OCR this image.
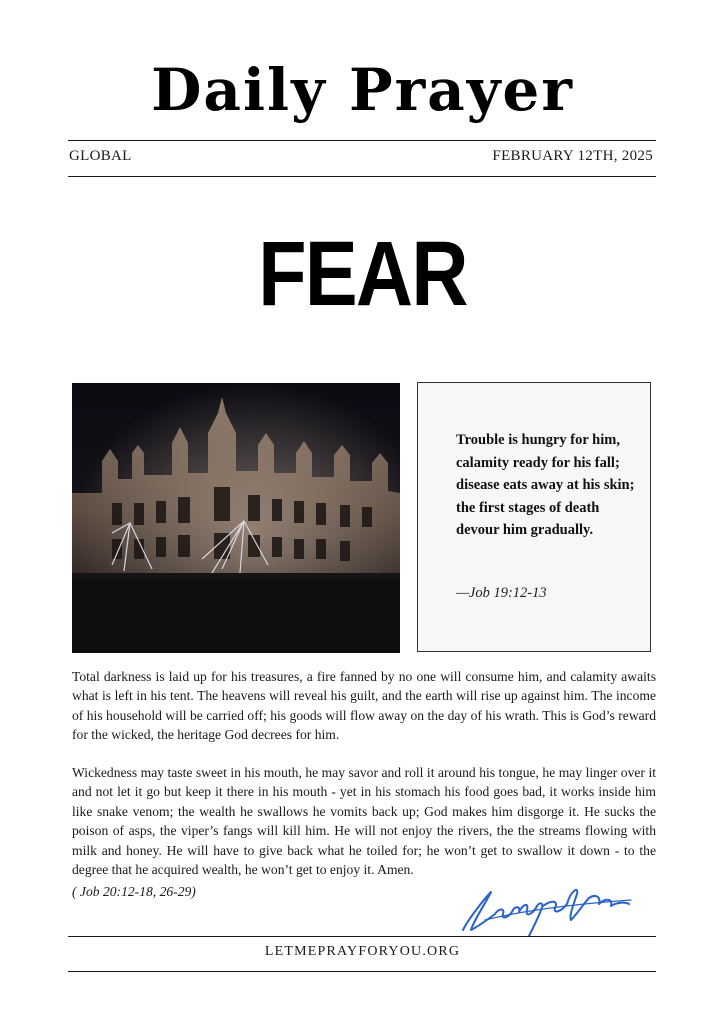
Daily Prayer
GLOBAL	FEBRUARY 12TH, 2025
FEAR
Trouble is hungry for him, calamity ready for his fall; disease eats away at his skin; the first stages of death devour him gradually.
—Job 19:12-13

Total darkness is laid up for his treasures, a fire fanned by no one will consume him, and calamity awaits what is left in his tent. The heavens will reveal his guilt, and the earth will rise up against him. The income of his household will be carried off; his goods will flow away on the day of his wrath. This is God’s reward for the wicked, the heritage God decrees for him.

Wickedness may taste sweet in his mouth, he may savor and roll it around his tongue, he may linger over it and not let it go but keep it there in his mouth - yet in his stomach his food goes bad, it works inside him like snake venom; the wealth he swallows he vomits back up; God makes him disgorge it. He sucks the poison of asps, the viper’s fangs will kill him. He will not enjoy the rivers, the the streams flowing with milk and honey. He will have to give back what he toiled for; he won’t get to swallow it down - to the degree that he acquired wealth, he won’t get to enjoy it. Amen.

( Job 20:12-18, 26-29)
LETMEPRAYFORYOU.ORG
